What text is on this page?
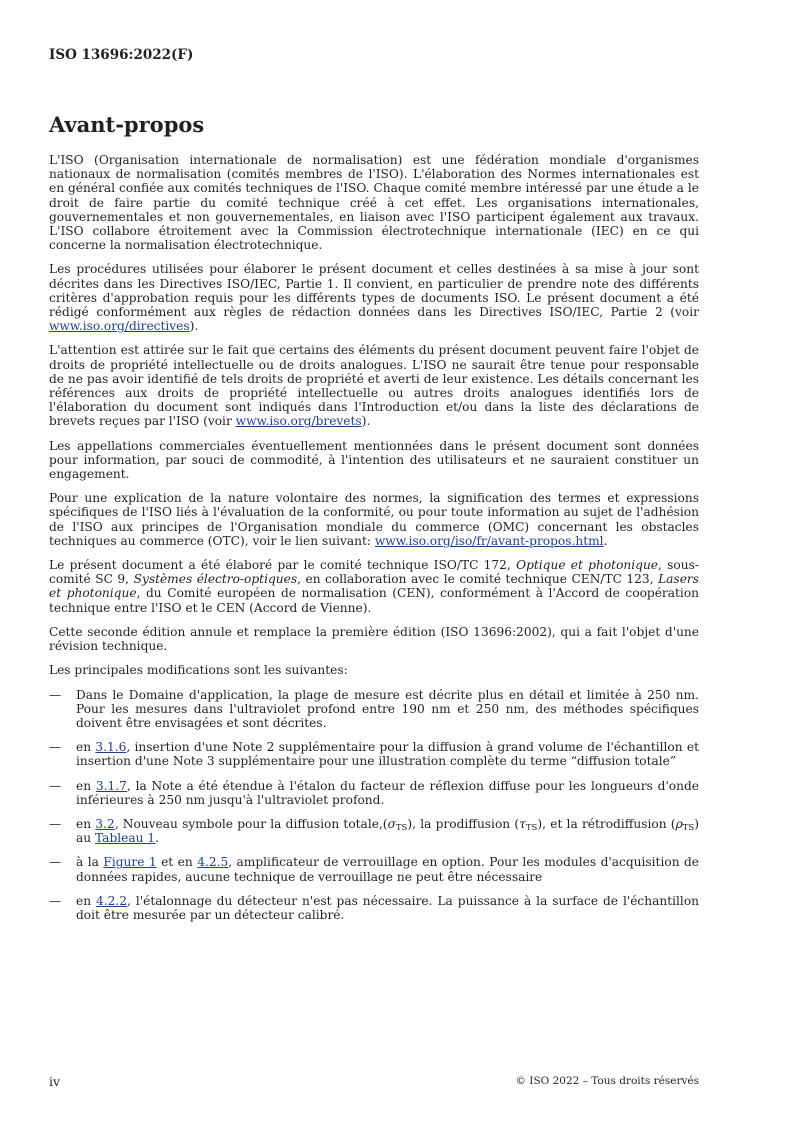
ISO 13696:2022(F)
Avant-propos

L'ISO (Organisation internationale de normalisation) est une fédération mondiale d'organismes nationaux de normalisation (comités membres de l'ISO). L'élaboration des Normes internationales est en général confiée aux comités techniques de l'ISO. Chaque comité membre intéressé par une étude a le droit de faire partie du comité technique créé à cet effet. Les organisations internationales, gouvernementales et non gouvernementales, en liaison avec l'ISO participent également aux travaux. L'ISO collabore étroitement avec la Commission électrotechnique internationale (IEC) en ce qui concerne la normalisation électrotechnique.

Les procédures utilisées pour élaborer le présent document et celles destinées à sa mise à jour sont décrites dans les Directives ISO/IEC, Partie 1. Il convient, en particulier de prendre note des différents critères d'approbation requis pour les différents types de documents ISO. Le présent document a été rédigé conformément aux règles de rédaction données dans les Directives ISO/IEC, Partie 2 (voir www.iso.org/directives).

L'attention est attirée sur le fait que certains des éléments du présent document peuvent faire l'objet de droits de propriété intellectuelle ou de droits analogues. L'ISO ne saurait être tenue pour responsable de ne pas avoir identifié de tels droits de propriété et averti de leur existence. Les détails concernant les références aux droits de propriété intellectuelle ou autres droits analogues identifiés lors de l'élaboration du document sont indiqués dans l'Introduction et/ou dans la liste des déclarations de brevets reçues par l'ISO (voir www.iso.org/brevets).

Les appellations commerciales éventuellement mentionnées dans le présent document sont données pour information, par souci de commodité, à l'intention des utilisateurs et ne sauraient constituer un engagement.

Pour une explication de la nature volontaire des normes, la signification des termes et expressions spécifiques de l'ISO liés à l'évaluation de la conformité, ou pour toute information au sujet de l'adhésion de l'ISO aux principes de l'Organisation mondiale du commerce (OMC) concernant les obstacles techniques au commerce (OTC), voir le lien suivant: www.iso.org/iso/fr/avant-propos.html.

Le présent document a été élaboré par le comité technique ISO/TC 172, Optique et photonique, sous-comité SC 9, Systèmes électro-optiques, en collaboration avec le comité technique CEN/TC 123, Lasers et photonique, du Comité européen de normalisation (CEN), conformément à l'Accord de coopération technique entre l'ISO et le CEN (Accord de Vienne).

Cette seconde édition annule et remplace la première édition (ISO 13696:2002), qui a fait l'objet d'une révision technique.

Les principales modifications sont les suivantes:

— Dans le Domaine d'application, la plage de mesure est décrite plus en détail et limitée à 250 nm. Pour les mesures dans l'ultraviolet profond entre 190 nm et 250 nm, des méthodes spécifiques doivent être envisagées et sont décrites.
— en 3.1.6, insertion d'une Note 2 supplémentaire pour la diffusion à grand volume de l'échantillon et insertion d'une Note 3 supplémentaire pour une illustration complète du terme “diffusion totale”
— en 3.1.7, la Note a été étendue à l'étalon du facteur de réflexion diffuse pour les longueurs d'onde inférieures à 250 nm jusqu'à l'ultraviolet profond.
— en 3.2, Nouveau symbole pour la diffusion $totale,(\sigma_{TS})$, la prodiffusion $(\tau_{TS})$, et la rétrodiffusion $(\rho_{TS})$ au Tableau 1.
— à la Figure 1 et en 4.2.5, amplificateur de verrouillage en option. Pour les modules d'acquisition de données rapides, aucune technique de verrouillage ne peut être nécessaire
— en 4.2.2, l'étalonnage du détecteur n'est pas nécessaire. La puissance à la surface de l'échantillon doit être mesurée par un détecteur calibré.
iv	© ISO 2022 – Tous droits réservés
